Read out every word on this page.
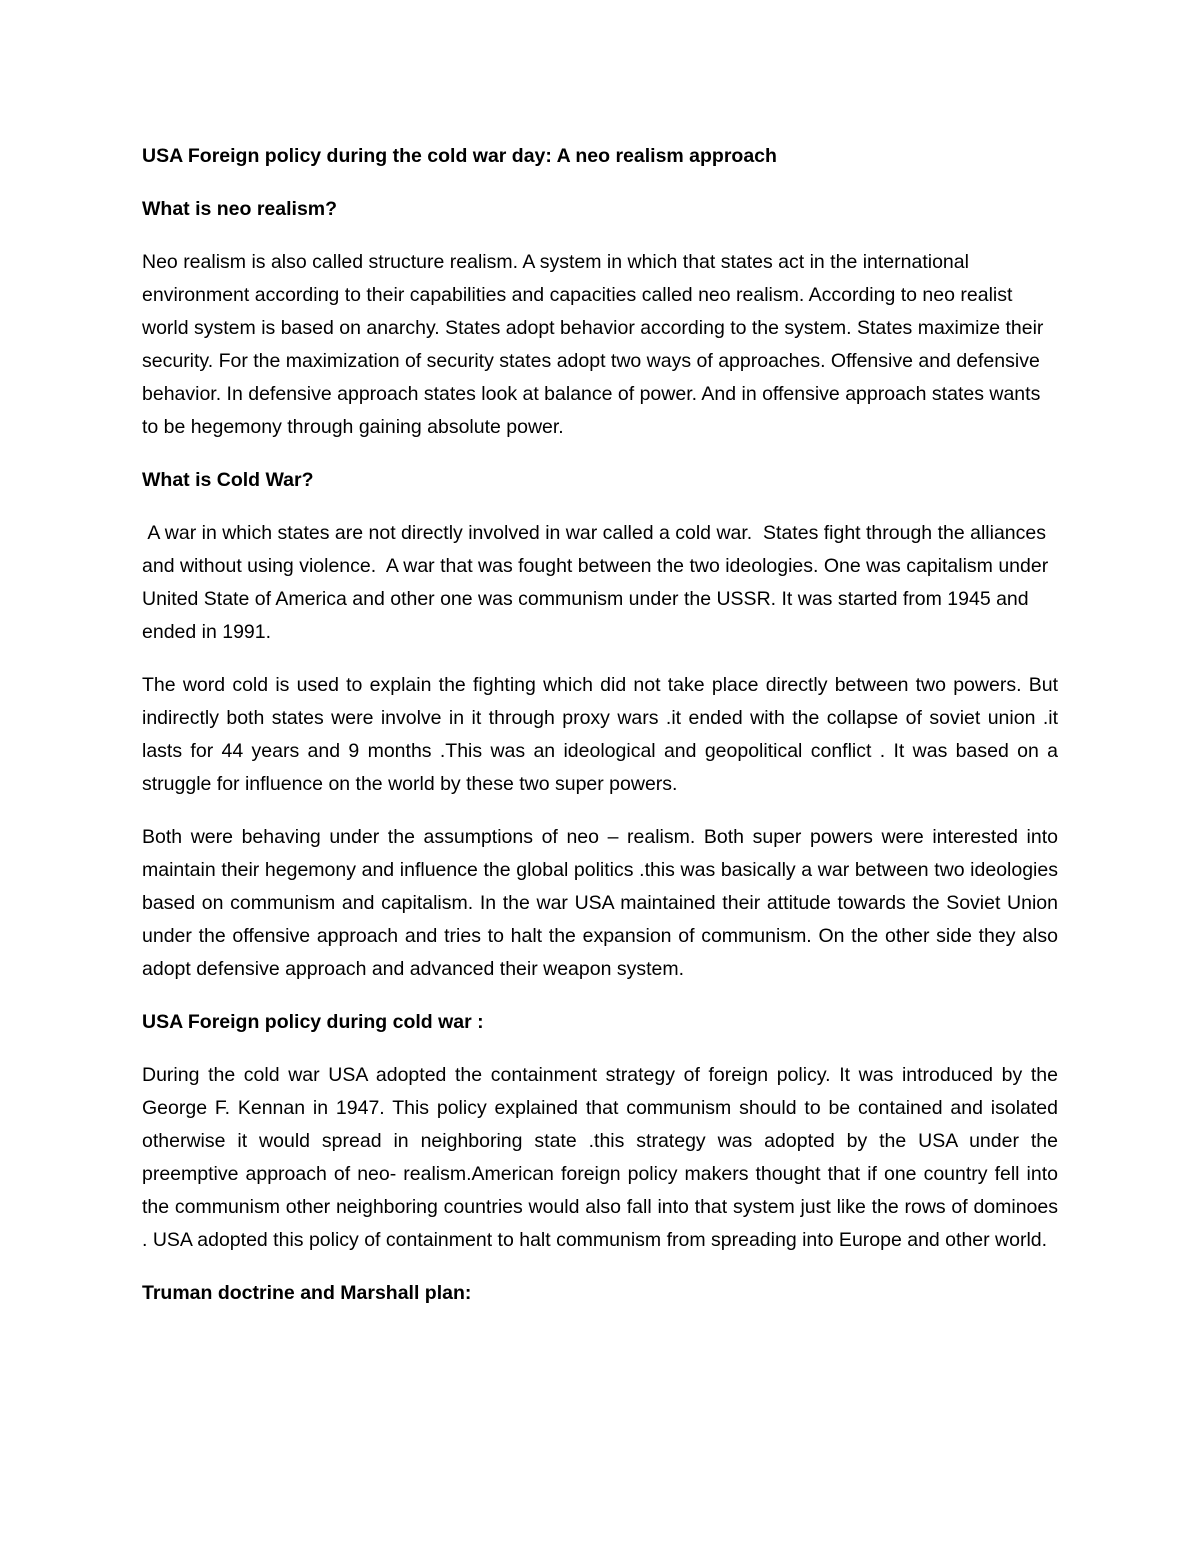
USA Foreign policy during the cold war day: A neo realism approach
What is neo realism?
Neo realism is also called structure realism. A system in which that states act in the international environment according to their capabilities and capacities called neo realism. According to neo realist world system is based on anarchy. States adopt behavior according to the system. States maximize their security. For the maximization of security states adopt two ways of approaches. Offensive and defensive behavior. In defensive approach states look at balance of power. And in offensive approach states wants to be hegemony through gaining absolute power.
What is Cold War?
A war in which states are not directly involved in war called a cold war.  States fight through the alliances and without using violence.  A war that was fought between the two ideologies. One was capitalism under United State of America and other one was communism under the USSR. It was started from 1945 and ended in 1991.
The word cold is used to explain the fighting which did not take place directly between two powers. But indirectly both states were involve in it through proxy wars .it ended with the collapse of soviet union .it lasts for 44 years and 9 months .This was an ideological and geopolitical conflict . It was based on a struggle for influence on the world by these two super powers.
Both were behaving under the assumptions of neo – realism. Both super powers were interested into maintain their hegemony and influence the global politics .this was basically a war between two ideologies based on communism and capitalism. In the war USA maintained their attitude towards the Soviet Union under the offensive approach and tries to halt the expansion of communism. On the other side they also adopt defensive approach and advanced their weapon system.
USA Foreign policy during cold war :
During the cold war USA adopted the containment strategy of foreign policy. It was introduced by the George F. Kennan in 1947. This policy explained that communism should to be contained and isolated otherwise it would spread in neighboring state .this strategy was adopted by the USA under the preemptive approach of neo- realism.American foreign policy makers thought that if one country fell into the communism other neighboring countries would also fall into that system just like the rows of dominoes . USA adopted this policy of containment to halt communism from spreading into Europe and other world.
Truman doctrine and Marshall plan:
